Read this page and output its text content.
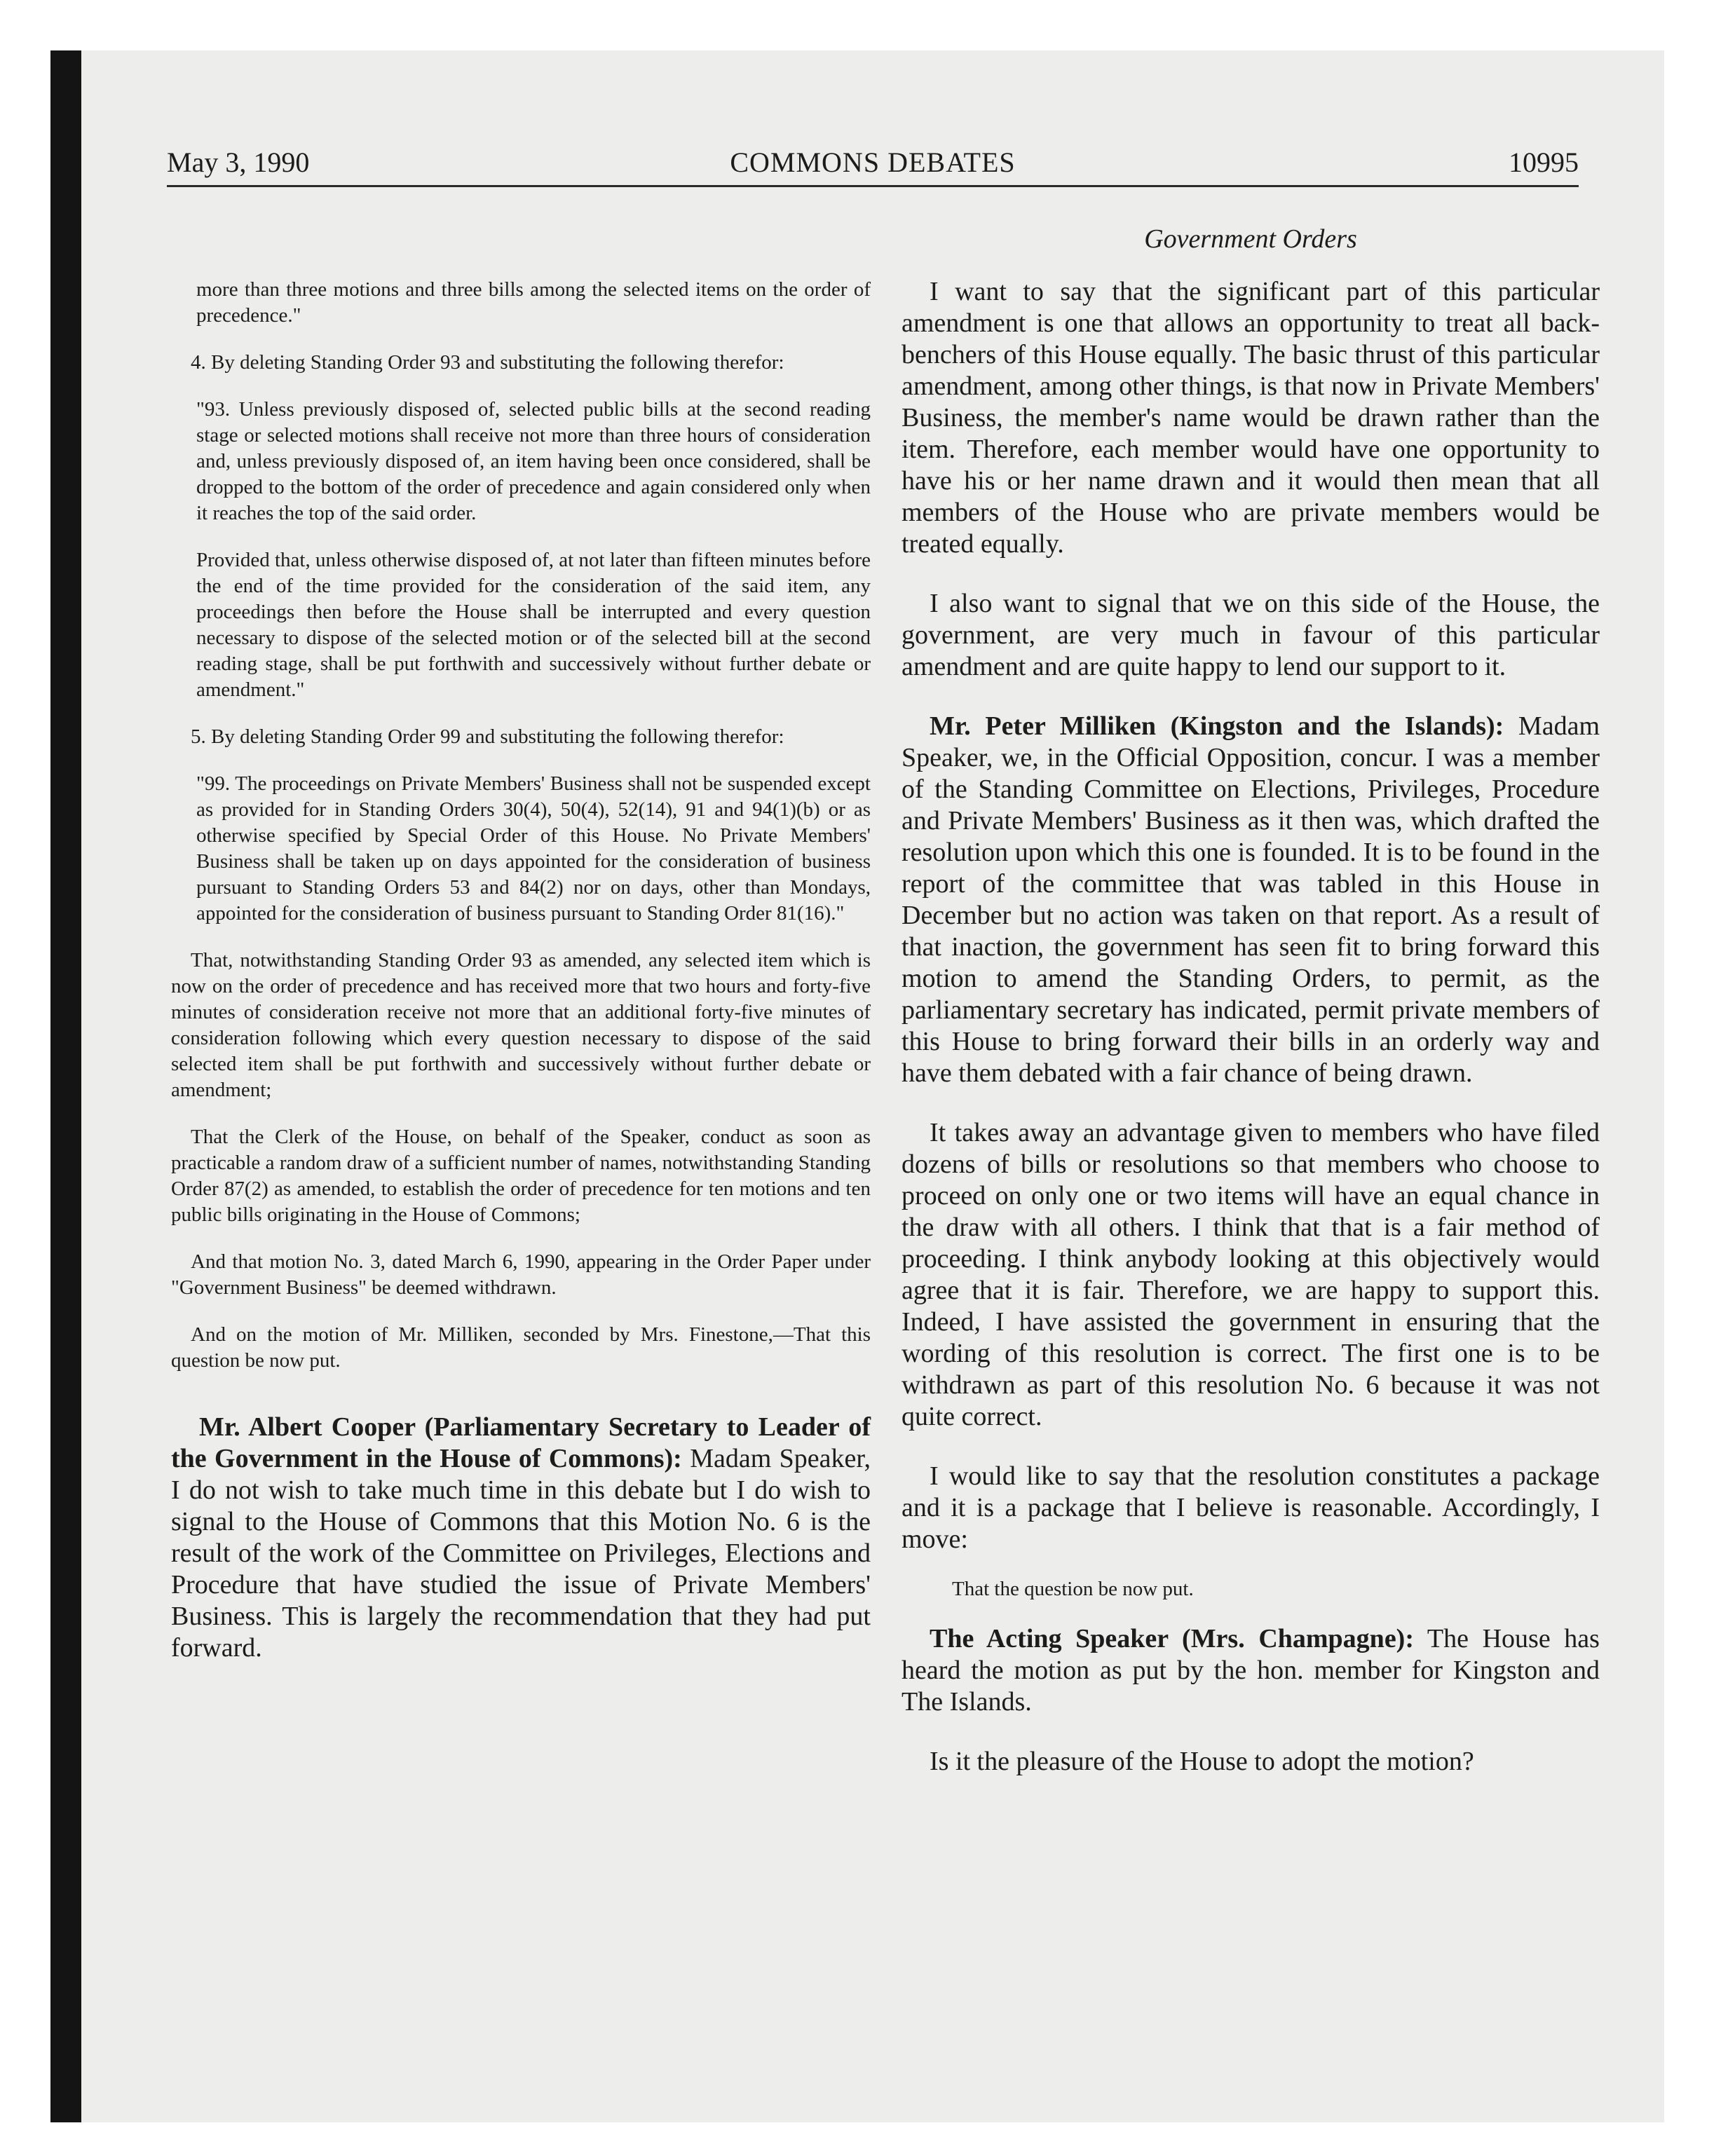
May 3, 1990	COMMONS DEBATES	10995

more than three motions and three bills among the selected items on the order of precedence."

4. By deleting Standing Order 93 and substituting the following therefor:

"93. Unless previously disposed of, selected public bills at the second reading stage or selected motions shall receive not more than three hours of consideration and, unless previously disposed of, an item having been once considered, shall be dropped to the bottom of the order of precedence and again considered only when it reaches the top of the said order.

Provided that, unless otherwise disposed of, at not later than fifteen minutes before the end of the time provided for the consideration of the said item, any proceedings then before the House shall be interrupted and every question necessary to dispose of the selected motion or of the selected bill at the second reading stage, shall be put forthwith and successively without further debate or amendment."

5. By deleting Standing Order 99 and substituting the following therefor:

"99. The proceedings on Private Members' Business shall not be suspended except as provided for in Standing Orders 30(4), 50(4), 52(14), 91 and 94(1)(b) or as otherwise specified by Special Order of this House. No Private Members' Business shall be taken up on days appointed for the consideration of business pursuant to Standing Orders 53 and 84(2) nor on days, other than Mondays, appointed for the consideration of business pursuant to Standing Order 81(16)."

That, notwithstanding Standing Order 93 as amended, any selected item which is now on the order of precedence and has received more that two hours and forty-five minutes of consideration receive not more that an additional forty-five minutes of consideration following which every question necessary to dispose of the said selected item shall be put forthwith and successively without further debate or amendment;

That the Clerk of the House, on behalf of the Speaker, conduct as soon as practicable a random draw of a sufficient number of names, notwithstanding Standing Order 87(2) as amended, to establish the order of precedence for ten motions and ten public bills originating in the House of Commons;

And that motion No. 3, dated March 6, 1990, appearing in the Order Paper under "Government Business" be deemed withdrawn.

And on the motion of Mr. Milliken, seconded by Mrs. Finestone,—That this question be now put.

Mr. Albert Cooper (Parliamentary Secretary to Leader of the Government in the House of Commons): Madam Speaker, I do not wish to take much time in this debate but I do wish to signal to the House of Commons that this Motion No. 6 is the result of the work of the Committee on Privileges, Elections and Procedure that have studied the issue of Private Members' Business. This is largely the recommendation that they had put forward.

Government Orders

I want to say that the significant part of this particular amendment is one that allows an opportunity to treat all back-benchers of this House equally. The basic thrust of this particular amendment, among other things, is that now in Private Members' Business, the member's name would be drawn rather than the item. Therefore, each member would have one opportunity to have his or her name drawn and it would then mean that all members of the House who are private members would be treated equally.

I also want to signal that we on this side of the House, the government, are very much in favour of this particular amendment and are quite happy to lend our support to it.

Mr. Peter Milliken (Kingston and the Islands): Madam Speaker, we, in the Official Opposition, concur. I was a member of the Standing Committee on Elections, Privileges, Procedure and Private Members' Business as it then was, which drafted the resolution upon which this one is founded. It is to be found in the report of the committee that was tabled in this House in December but no action was taken on that report. As a result of that inaction, the government has seen fit to bring forward this motion to amend the Standing Orders, to permit, as the parliamentary secretary has indicated, permit private members of this House to bring forward their bills in an orderly way and have them debated with a fair chance of being drawn.

It takes away an advantage given to members who have filed dozens of bills or resolutions so that members who choose to proceed on only one or two items will have an equal chance in the draw with all others. I think that that is a fair method of proceeding. I think anybody looking at this objectively would agree that it is fair. Therefore, we are happy to support this. Indeed, I have assisted the government in ensuring that the wording of this resolution is correct. The first one is to be withdrawn as part of this resolution No. 6 because it was not quite correct.

I would like to say that the resolution constitutes a package and it is a package that I believe is reasonable. Accordingly, I move:

That the question be now put.

The Acting Speaker (Mrs. Champagne): The House has heard the motion as put by the hon. member for Kingston and The Islands.

Is it the pleasure of the House to adopt the motion?
